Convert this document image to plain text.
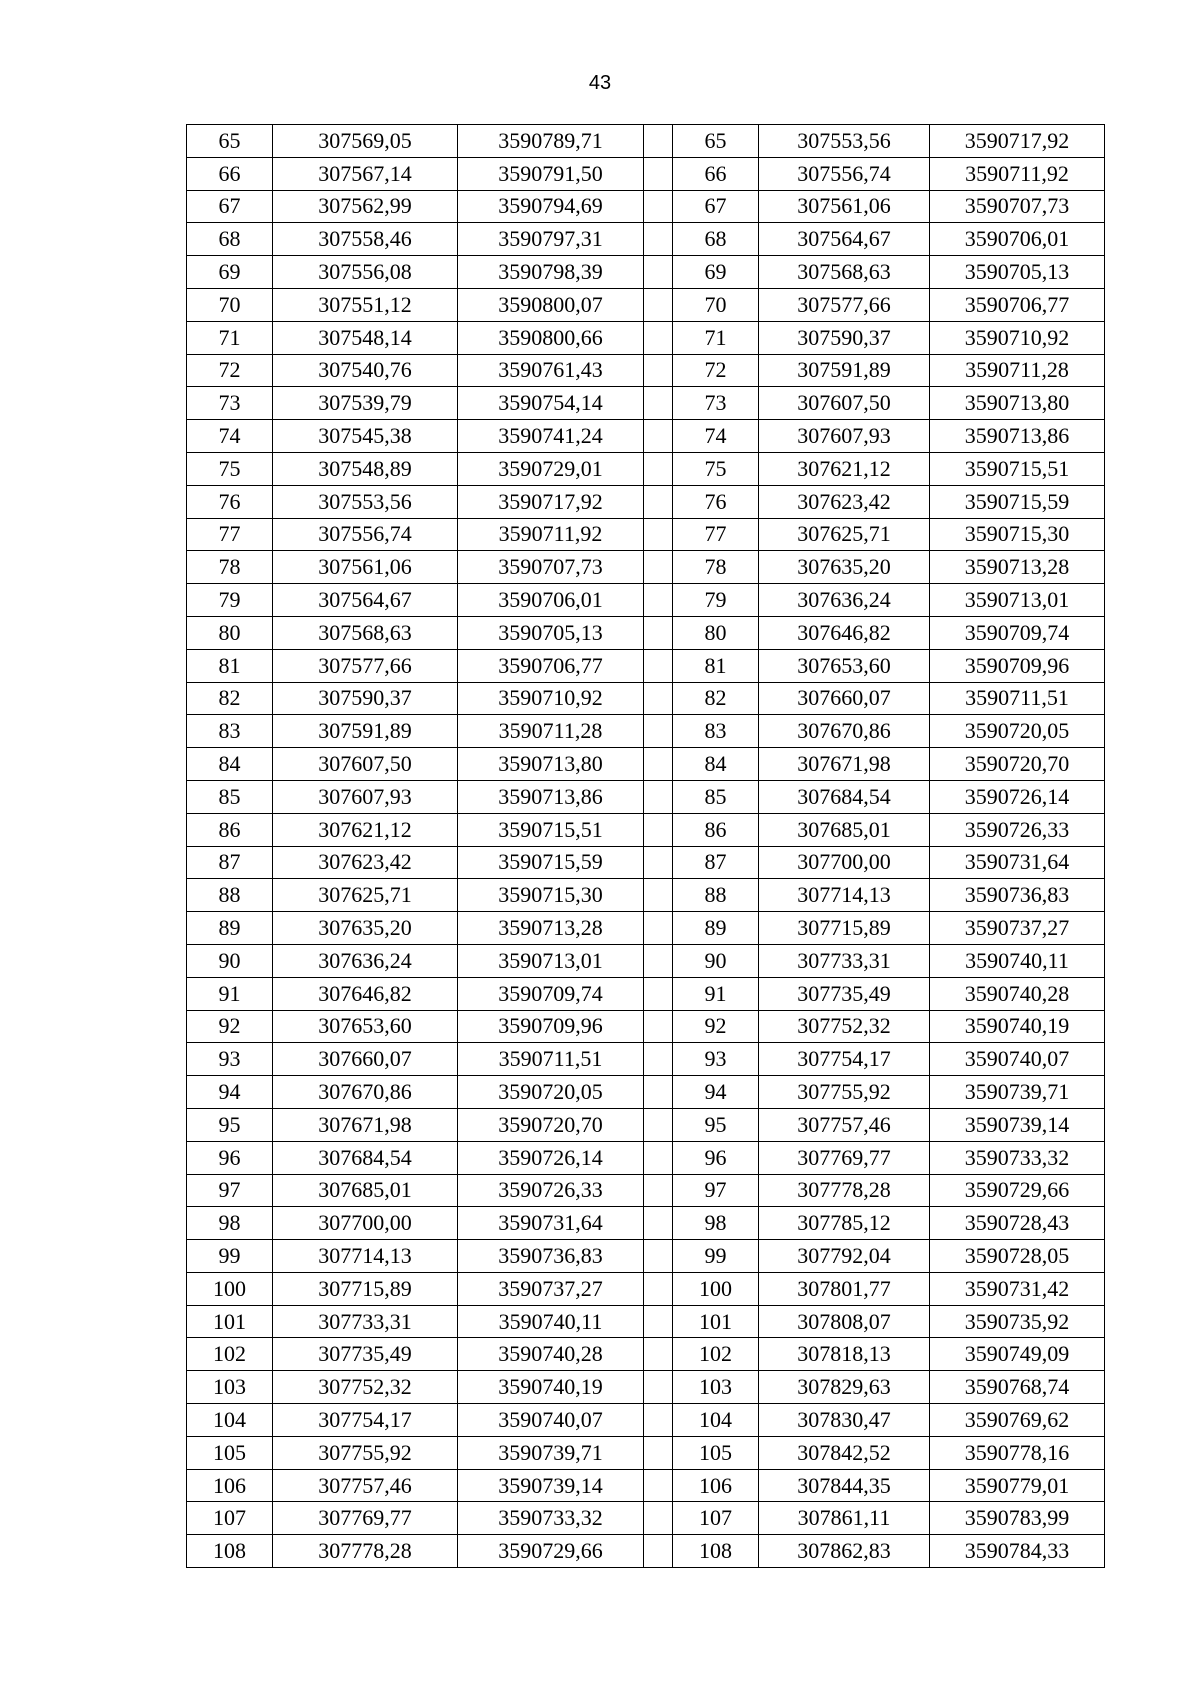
43
65	307569,05	3590789,71		65	307553,56	3590717,92
66	307567,14	3590791,50		66	307556,74	3590711,92
67	307562,99	3590794,69		67	307561,06	3590707,73
68	307558,46	3590797,31		68	307564,67	3590706,01
69	307556,08	3590798,39		69	307568,63	3590705,13
70	307551,12	3590800,07		70	307577,66	3590706,77
71	307548,14	3590800,66		71	307590,37	3590710,92
72	307540,76	3590761,43		72	307591,89	3590711,28
73	307539,79	3590754,14		73	307607,50	3590713,80
74	307545,38	3590741,24		74	307607,93	3590713,86
75	307548,89	3590729,01		75	307621,12	3590715,51
76	307553,56	3590717,92		76	307623,42	3590715,59
77	307556,74	3590711,92		77	307625,71	3590715,30
78	307561,06	3590707,73		78	307635,20	3590713,28
79	307564,67	3590706,01		79	307636,24	3590713,01
80	307568,63	3590705,13		80	307646,82	3590709,74
81	307577,66	3590706,77		81	307653,60	3590709,96
82	307590,37	3590710,92		82	307660,07	3590711,51
83	307591,89	3590711,28		83	307670,86	3590720,05
84	307607,50	3590713,80		84	307671,98	3590720,70
85	307607,93	3590713,86		85	307684,54	3590726,14
86	307621,12	3590715,51		86	307685,01	3590726,33
87	307623,42	3590715,59		87	307700,00	3590731,64
88	307625,71	3590715,30		88	307714,13	3590736,83
89	307635,20	3590713,28		89	307715,89	3590737,27
90	307636,24	3590713,01		90	307733,31	3590740,11
91	307646,82	3590709,74		91	307735,49	3590740,28
92	307653,60	3590709,96		92	307752,32	3590740,19
93	307660,07	3590711,51		93	307754,17	3590740,07
94	307670,86	3590720,05		94	307755,92	3590739,71
95	307671,98	3590720,70		95	307757,46	3590739,14
96	307684,54	3590726,14		96	307769,77	3590733,32
97	307685,01	3590726,33		97	307778,28	3590729,66
98	307700,00	3590731,64		98	307785,12	3590728,43
99	307714,13	3590736,83		99	307792,04	3590728,05
100	307715,89	3590737,27		100	307801,77	3590731,42
101	307733,31	3590740,11		101	307808,07	3590735,92
102	307735,49	3590740,28		102	307818,13	3590749,09
103	307752,32	3590740,19		103	307829,63	3590768,74
104	307754,17	3590740,07		104	307830,47	3590769,62
105	307755,92	3590739,71		105	307842,52	3590778,16
106	307757,46	3590739,14		106	307844,35	3590779,01
107	307769,77	3590733,32		107	307861,11	3590783,99
108	307778,28	3590729,66		108	307862,83	3590784,33
